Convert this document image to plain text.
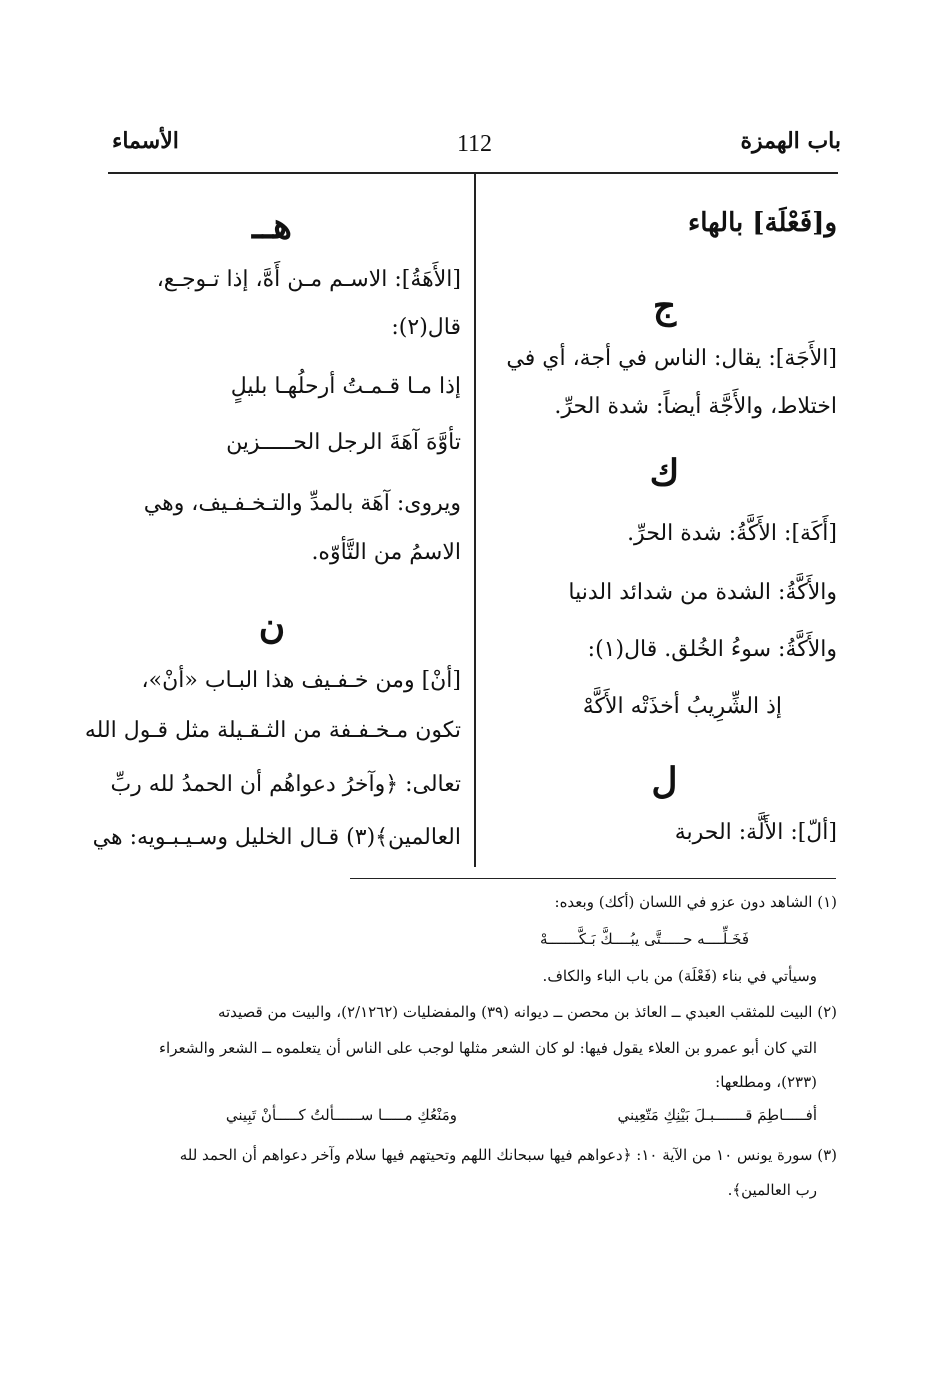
باب الهمزة
112
الأسماء
و[فَعْلَة] بالهاء
ج
[الأَجَة]: يقال: الناس في أجة، أي في
اختلاط، والأَجَّة أيضاً: شدة الحرِّ.
ك
[أَكَة]: الأَكَّةُ: شدة الحرِّ.
والأَكَّةُ: الشدة من شدائد الدنيا
والأَكَّةُ: سوءُ الخُلق. قال(١):
إذ الشِّرِيبُ أخذَتْه الأَكَّهْ
ل
[ألّ]: الأَلَّة: الحربة
هــ
[الأَهَةُ]: الاسـم مـن أَهَّ، إذا تـوجـع،
قال(٢):
إذا مـا قـمـتُ أرحلُهـا بليلٍ
تأوَّهَ آهَةَ الرجل الحـــــزين
ويروى: آهَة بالمدِّ والتـخـفـيف، وهي
الاسمُ من التَّأوّه.
ن
[أنْ] ومن خـفـيف هذا البـاب «أنْ»،
تكون مـخـفـفة من الثـقـيلة مثل قـول الله
تعالى: ﴿وآخرُ دعواهُم أن الحمدُ لله ربِّ
العالمين﴾(٣) قـال الخليل وسـيـبـويه: هي
(١) الشاهد دون عزو في اللسان (أكك) وبعده:
فَخَـلِّــــه حـــــتَّى يبُــــكَّ بَـكَّـــــــهْ
وسيأتي في بناء (فَعْلَة) من باب الباء والكاف.
(٢) البيت للمثقب العبدي ــ العائذ بن محصن ــ ديوانه (٣٩) والمفضليات (٢/١٢٦٢)، والبيت من قصيدته
التي كان أبو عمرو بن العلاء يقول فيها: لو كان الشعر مثلها لوجب على الناس أن يتعلموه ــ الشعر والشعراء
(٢٣٣)، ومطلعها:
أفـــــاطِمَ قـــــــبـلَ بَيْنِكِ مَتّعِيني
ومَنْعُكِ مـــــا ســــــألتُ كـــــأنْ تَبِيني
(٣) سورة يونس ١٠ من الآية ١٠: ﴿دعواهم فيها سبحانك اللهم وتحيتهم فيها سلام وآخر دعواهم أن الحمد لله
رب العالمين﴾.
